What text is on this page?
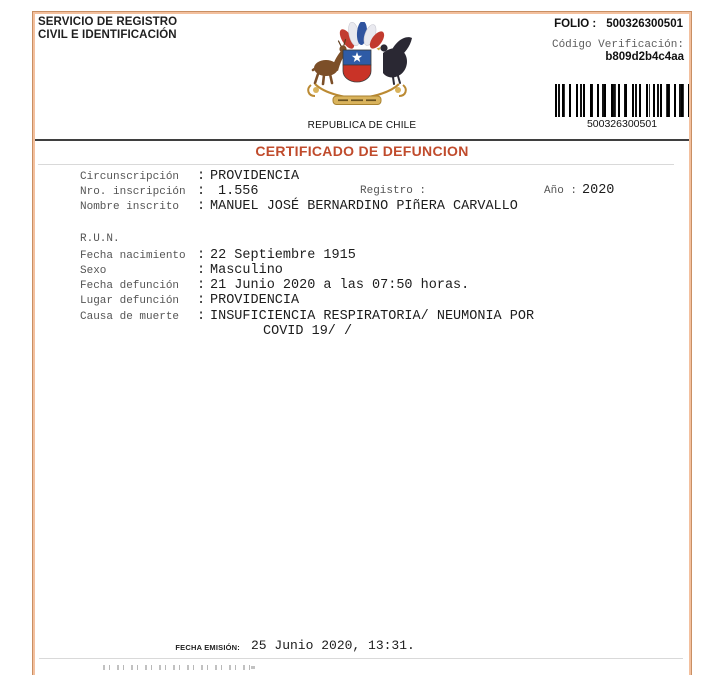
SERVICIO DE REGISTRO
CIVIL E IDENTIFICACIÓN
FOLIO : 500326300501
Código Verificación:
b809d2b4c4aa
REPUBLICA DE CHILE	500326300501
CERTIFICADO DE DEFUNCION
Circunscripción	: PROVIDENCIA
Nro. inscripción : 1.556	Registro :	Año : 2020
Nombre inscrito	: MANUEL JOSÉ BERNARDINO PIñERA CARVALLO
R.U.N.
Fecha nacimiento : 22 Septiembre 1915
Sexo	: Masculino
Fecha defunción	: 21 Junio 2020 a las 07:50 horas.
Lugar defunción	: PROVIDENCIA
Causa de muerte	: INSUFICIENCIA RESPIRATORIA/ NEUMONIA POR
COVID 19/ /
FECHA EMISIÓN: 25 Junio 2020, 13:31.
